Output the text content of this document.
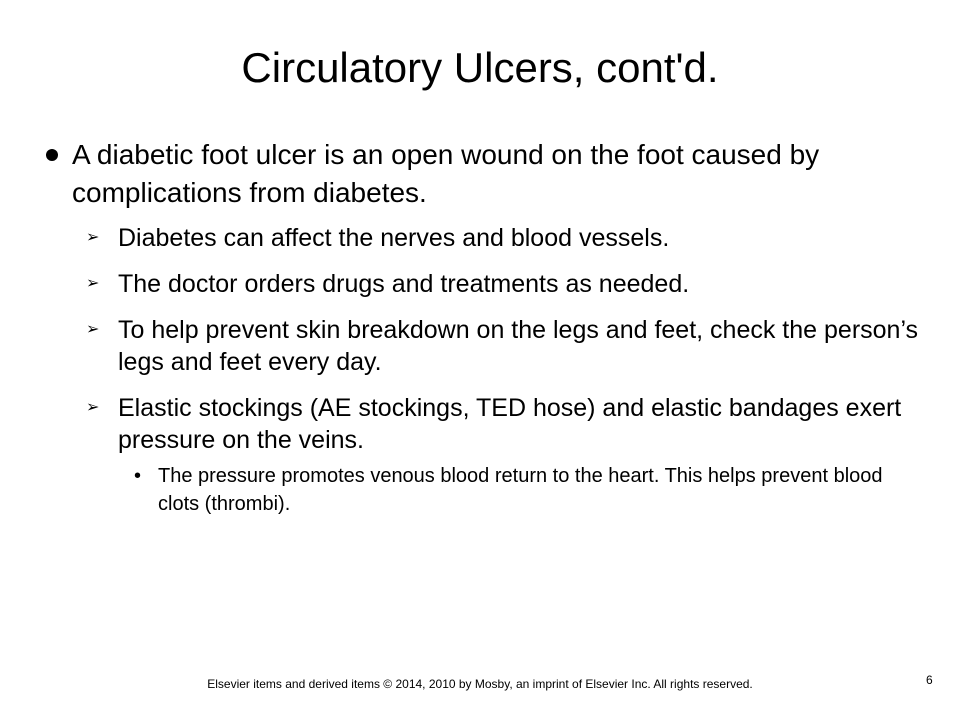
Circulatory Ulcers, cont'd.

A diabetic foot ulcer is an open wound on the foot caused by complications from diabetes.

➢ Diabetes can affect the nerves and blood vessels.

➢ The doctor orders drugs and treatments as needed.

➢ To help prevent skin breakdown on the legs and feet, check the person’s legs and feet every day.

➢ Elastic stockings (AE stockings, TED hose) and elastic bandages exert pressure on the veins.

• The pressure promotes venous blood return to the heart. This helps prevent blood clots (thrombi).

Elsevier items and derived items © 2014, 2010 by Mosby, an imprint of Elsevier Inc. All rights reserved.	6
